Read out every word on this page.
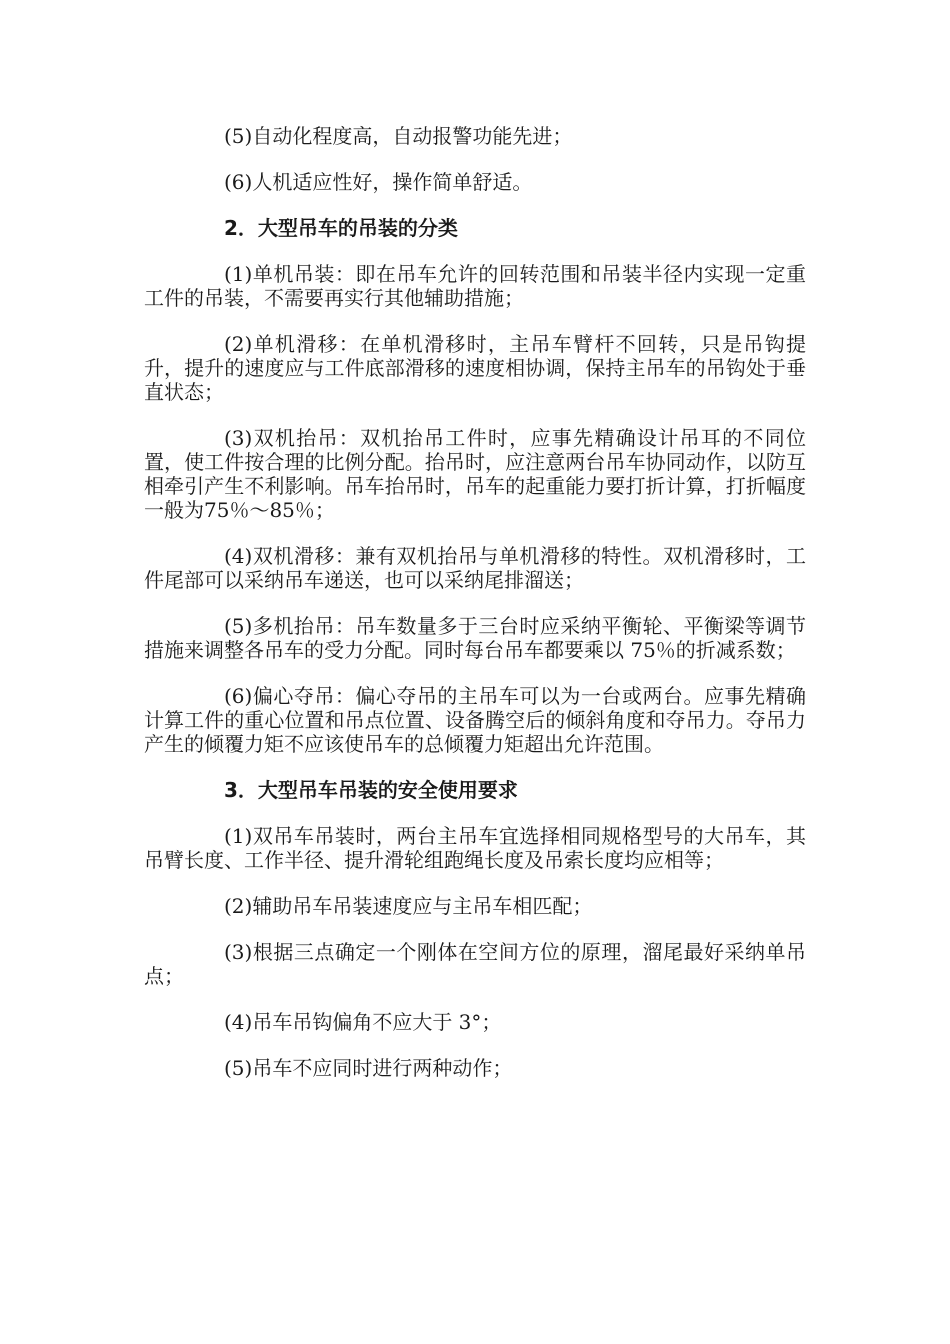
(5)自动化程度高，自动报警功能先进；

(6)人机适应性好，操作简单舒适。

2．大型吊车的吊装的分类

(1)单机吊装：即在吊车允许的回转范围和吊装半径内实现一定重工件的吊装，不需要再实行其他辅助措施；

(2)单机滑移：在单机滑移时，主吊车臂杆不回转，只是吊钩提升，提升的速度应与工件底部滑移的速度相协调，保持主吊车的吊钩处于垂直状态；

(3)双机抬吊：双机抬吊工件时，应事先精确设计吊耳的不同位置，使工件按合理的比例分配。抬吊时，应注意两台吊车协同动作，以防互相牵引产生不利影响。吊车抬吊时，吊车的起重能力要打折计算，打折幅度一般为75％～85％；

(4)双机滑移：兼有双机抬吊与单机滑移的特性。双机滑移时，工件尾部可以采纳吊车递送，也可以采纳尾排溜送；

(5)多机抬吊：吊车数量多于三台时应采纳平衡轮、平衡梁等调节措施来调整各吊车的受力分配。同时每台吊车都要乘以 75％的折减系数；

(6)偏心夺吊：偏心夺吊的主吊车可以为一台或两台。应事先精确计算工件的重心位置和吊点位置、设备腾空后的倾斜角度和夺吊力。夺吊力产生的倾覆力矩不应该使吊车的总倾覆力矩超出允许范围。

3．大型吊车吊装的安全使用要求

(1)双吊车吊装时，两台主吊车宜选择相同规格型号的大吊车，其吊臂长度、工作半径、提升滑轮组跑绳长度及吊索长度均应相等；

(2)辅助吊车吊装速度应与主吊车相匹配；

(3)根据三点确定一个刚体在空间方位的原理，溜尾最好采纳单吊点；

(4)吊车吊钩偏角不应大于 3°；

(5)吊车不应同时进行两种动作；
